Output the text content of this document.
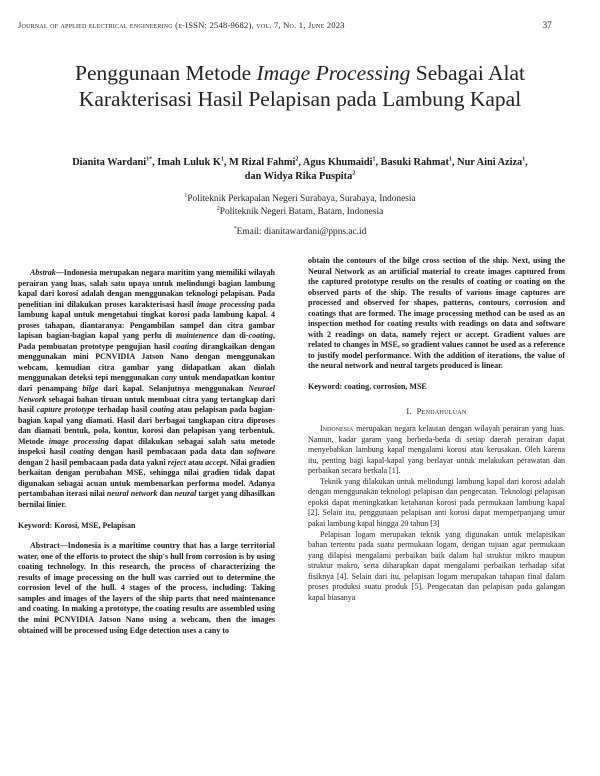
Journal of applied electrical engineering (e-ISSN: 2548-9682), vol. 7, No. 1, June 2023	37
Penggunaan Metode Image Processing Sebagai Alat Karakterisasi Hasil Pelapisan pada Lambung Kapal
Dianita Wardani$^{1*}$, Imah Luluk $K^1$, M Rizal Fahmi$^2$, Agus Khumaidi$^1$, Basuki Rahmat$^1$, Nur Aini Aziza$^1$, dan Widya Rika Puspita$^2$
$^1$Politeknik Perkapalan Negeri Surabaya, Surabaya, Indonesia
$^2$Politeknik Negeri Batam, Batam, Indonesia
*Email: dianitawardani@ppns.ac.id

Abstrak—Indonesia merupakan negara maritim yang memiliki wilayah perairan yang luas, salah satu upaya untuk melindungi bagian lambung kapal dari korosi adalah dengan menggunakan teknologi pelapisan. Pada penelitian ini dilakukan proses karakterisasi hasil image processing pada lambung kapal untuk mengetahui tingkat korosi pada lambung kapal. 4 proses tahapan, diantaranya: Pengambilan sampel dan citra gambar lapisan bagian-bagian kapal yang perlu di maintenence dan di-coating, Pada pembuatan prototype pengujian hasil coating dirangkaikan dengan menggunakan mini PCNVIDIA Jatson Nano dengan menggunakan webcam, kemudian citra gambar yang didapatkan akan diolah menggunakan deteksi tepi menggunakan cany untuk mendapatkan kontur dari penampang bilge dari kapal. Selanjutnya menggunakan Neurael Network sebagai bahan tiruan untuk membuat citra yang tertangkap dari hasil capture prototype terhadap hasil coating atau pelapisan pada bagian-bagian kapal yang diamati. Hasil dari berbagai tangkapan citra diproses dan diamati bentuk, pola, kontur, korosi dan pelapisan yang terbentuk. Metode image processing dapat dilakukan sebagai salah satu metode inspeksi hasil coating dengan hasil pembacaan pada data dan software dengan 2 hasil pembacaan pada data yakni reject atau accept. Nilai gradien berkaitan dengan perubahan MSE, sehingga nilai gradien tidak dapat digunakan sebagai acuan untuk membenarkan performa model. Adanya pertambahan iterasi nilai neural network dan neural target yang dihasilkan bernilai linier.

Keyword: Korosi, MSE, Pelapisan

Abstract—Indonesia is a maritime country that has a large territorial water, one of the efforts to protect the ship's hull from corrosion is by using coating technology. In this research, the process of characterizing the results of image processing on the hull was carried out to determine the corrosion level of the hull. 4 stages of the process, including: Taking samples and images of the layers of the ship parts that need maintenance and coating. In making a prototype, the coating results are assembled using the mini PCNVIDIA Jatson Nano using a webcam, then the images obtained will be processed using Edge detection uses a cany to

obtain the contours of the bilge cross section of the ship. Next, using the Neural Network as an artificial material to create images captured from the captured prototype results on the results of coating or coating on the observed parts of the ship. The results of various image captures are processed and observed for shapes, patterns, contours, corrosion and coatings that are formed. The image processing method can be used as an inspection method for coating results with readings on data and software with 2 readings on data, namely reject or accept. Gradient values are related to changes in MSE, so gradient values cannot be used as a reference to justify model performance. With the addition of iterations, the value of the neural network and neural targets produced is linear.

Keyword: coating, corrosion, MSE

I. Pendahuluan

Indonesia merupakan negara kelautan dengan wilayah perairan yang luas. Namun, kadar garam yang berbeda-beda di setiap daerah perairan dapat menyebabkan lambung kapal mengalami korosi atau kerusakan. Oleh karena itu, penting bagi kapal-kapal yang berlayar untuk melakukan perawatan dan perbaikan secara berkala [1].

Teknik yang dilakukan untuk melindungi lambung kapal dari korosi adalah dengan menggunakan teknologi pelapisan dan pengecatan. Teknologi pelapisan epoksi dapat meningkatkan ketahanan korosi pada permukaan lambung kapal [2]. Selain itu, penggunaan pelapisan anti korosi dapat memperpanjang umur pakai lambung kapal hingga 20 tahun [3]

Pelapisan logam merupakan teknik yang digunakan untuk melapisikan bahan tertentu pada suatu permukaan logam, dengan tujuan agar permukaan yang dilapisi mengalami perbaikan baik dalam hal struktur mikro maupun struktur makro, serta diharapkan dapat mengalami perbaikan terhadap sifat fisiknya [4]. Selain dari itu, pelapisan logam merupakan tahapan final dalam proses produksi suatu produk [5]. Pengecatan dan pelapisan pada galangan kapal biasanya
